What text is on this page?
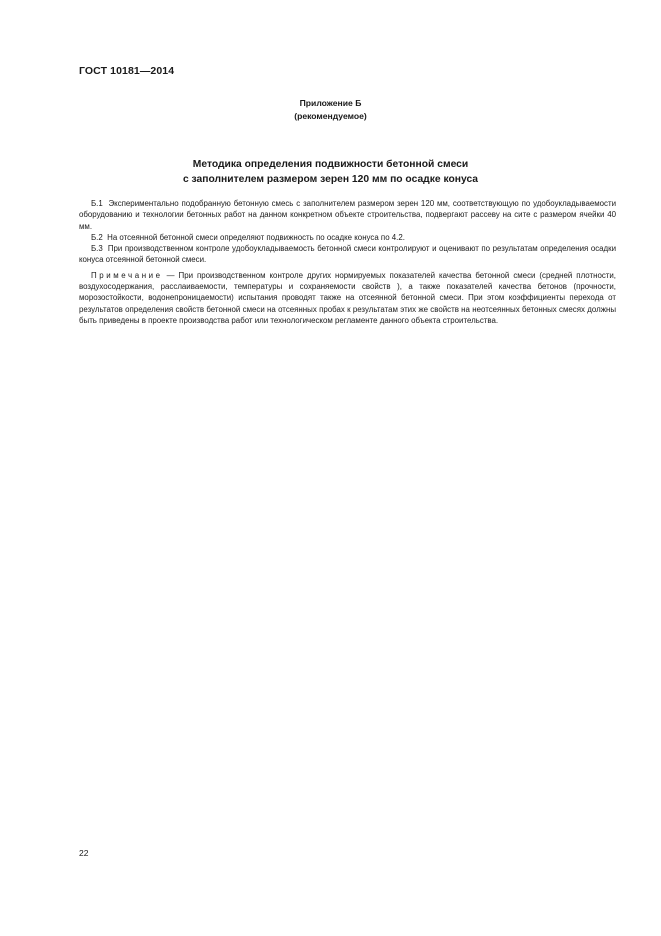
ГОСТ 10181—2014
Приложение Б
(рекомендуемое)
Методика определения подвижности бетонной смеси
с заполнителем размером зерен 120 мм по осадке конуса

Б.1 Экспериментально подобранную бетонную смесь с заполнителем размером зерен 120 мм, соответствующую по удобоукладываемости оборудованию и технологии бетонных работ на данном конкретном объекте строительства, подвергают рассеву на сите с размером ячейки 40 мм.

Б.2 На отсеянной бетонной смеси определяют подвижность по осадке конуса по 4.2.

Б.3 При производственном контроле удобоукладываемость бетонной смеси контролируют и оценивают по результатам определения осадки конуса отсеянной бетонной смеси.

Примечание — При производственном контроле других нормируемых показателей качества бетонной смеси (средней плотности, воздухосодержания, расслаиваемости, температуры и сохраняемости свойств ), а также показателей качества бетонов (прочности, морозостойкости, водонепроницаемости) испытания проводят также на отсеянной бетонной смеси. При этом коэффициенты перехода от результатов определения свойств бетонной смеси на отсеянных пробах к результатам этих же свойств на неотсеянных бетонных смесях должны быть приведены в проекте производства работ или технологическом регламенте данного объекта строительства.

22
